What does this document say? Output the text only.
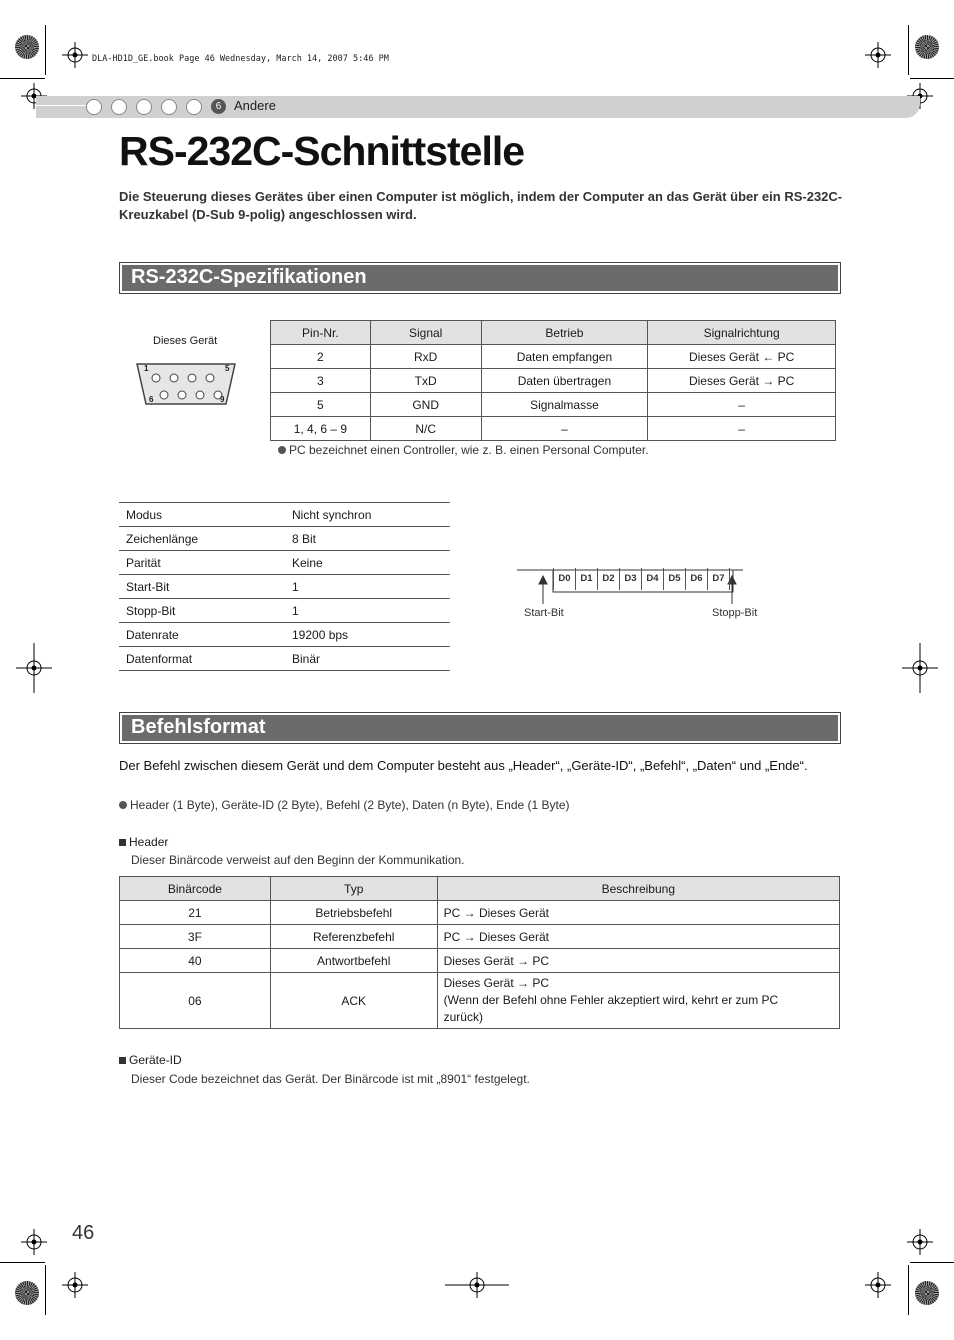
DLA-HD1D_GE.book Page 46 Wednesday, March 14, 2007 5:46 PM
6 Andere
RS-232C-Schnittstelle
Die Steuerung dieses Gerätes über einen Computer ist möglich, indem der Computer an das Gerät über ein RS-232C-Kreuzkabel (D-Sub 9-polig) angeschlossen wird.
RS-232C-Spezifikationen
Dieses Gerät
1	5
6	9
Pin-Nr.	Signal	Betrieb	Signalrichtung
2	RxD	Daten empfangen	Dieses Gerät ← PC
3	TxD	Daten übertragen	Dieses Gerät → PC
5	GND	Signalmasse	–
1, 4, 6 – 9	N/C	–	–
PC bezeichnet einen Controller, wie z. B. einen Personal Computer.
Modus	Nicht synchron
Zeichenlänge	8 Bit
Parität	Keine
Start-Bit	1
Stopp-Bit	1
Datenrate	19200 bps
Datenformat	Binär
D0	D1	D2	D3	D4	D5	D6	D7
Start-Bit	Stopp-Bit
Befehlsformat
Der Befehl zwischen diesem Gerät und dem Computer besteht aus „Header“, „Geräte-ID“, „Befehl“, „Daten“ und „Ende“.
Header (1 Byte), Geräte-ID (2 Byte), Befehl (2 Byte), Daten (n Byte), Ende (1 Byte)
Header
Dieser Binärcode verweist auf den Beginn der Kommunikation.
Binärcode	Typ	Beschreibung
21	Betriebsbefehl	PC → Dieses Gerät
3F	Referenzbefehl	PC → Dieses Gerät
40	Antwortbefehl	Dieses Gerät → PC
06	ACK	Dieses Gerät → PC
(Wenn der Befehl ohne Fehler akzeptiert wird, kehrt er zum PC zurück)
Geräte-ID
Dieser Code bezeichnet das Gerät. Der Binärcode ist mit „8901“ festgelegt.
46
